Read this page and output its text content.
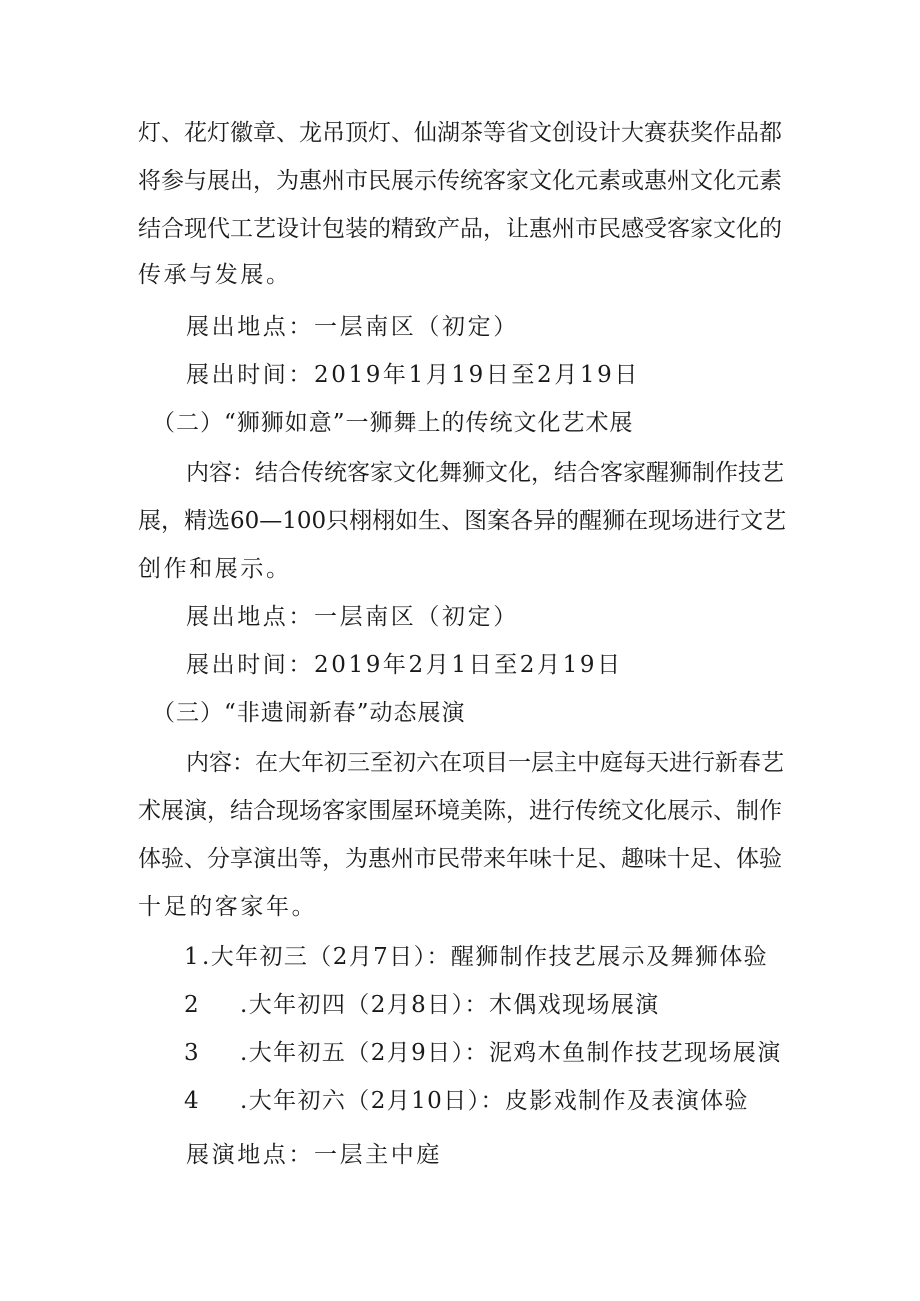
灯、花灯徽章、龙吊顶灯、仙湖茶等省文创设计大赛获奖作品都
将参与展出，为惠州市民展示传统客家文化元素或惠州文化元素
结合现代工艺设计包装的精致产品，让惠州市民感受客家文化的
传承与发展。
展出地点：一层南区（初定）
展出时间：2019年1月19日至2月19日
（二）“狮狮如意”一狮舞上的传统文化艺术展
内容：结合传统客家文化舞狮文化，结合客家醒狮制作技艺
展，精选60—100只栩栩如生、图案各异的醒狮在现场进行文艺
创作和展示。
展出地点：一层南区（初定）
展出时间：2019年2月1日至2月19日
（三）“非遗闹新春”动态展演
内容：在大年初三至初六在项目一层主中庭每天进行新春艺
术展演，结合现场客家围屋环境美陈，进行传统文化展示、制作
体验、分享演出等，为惠州市民带来年味十足、趣味十足、体验
十足的客家年。
1 .大年初三（2月7日）：醒狮制作技艺展示及舞狮体验
2 .大年初四（2月8日）：木偶戏现场展演
3 .大年初五（2月9日）：泥鸡木鱼制作技艺现场展演
4 .大年初六（2月10日）：皮影戏制作及表演体验
展演地点：一层主中庭
